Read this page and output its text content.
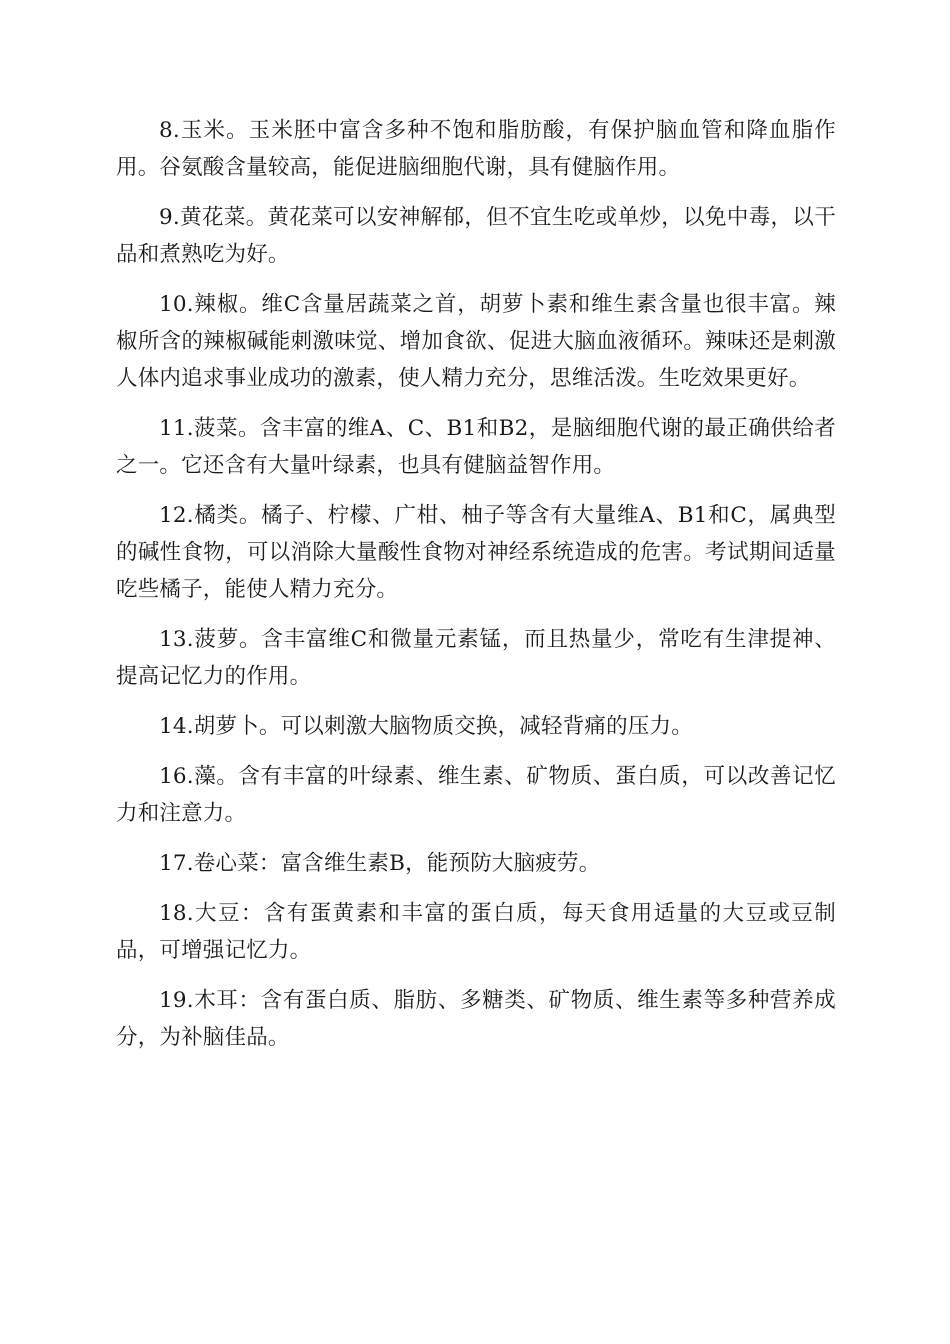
8.玉米。玉米胚中富含多种不饱和脂肪酸，有保护脑血管和降血脂作用。谷氨酸含量较高，能促进脑细胞代谢，具有健脑作用。

9.黄花菜。黄花菜可以安神解郁，但不宜生吃或单炒，以免中毒，以干品和煮熟吃为好。

10.辣椒。维C含量居蔬菜之首，胡萝卜素和维生素含量也很丰富。辣椒所含的辣椒碱能刺激味觉、增加食欲、促进大脑血液循环。辣味还是刺激人体内追求事业成功的激素，使人精力充分，思维活泼。生吃效果更好。

11.菠菜。含丰富的维A、C、B1和B2，是脑细胞代谢的最正确供给者之一。它还含有大量叶绿素，也具有健脑益智作用。

12.橘类。橘子、柠檬、广柑、柚子等含有大量维A、B1和C，属典型的碱性食物，可以消除大量酸性食物对神经系统造成的危害。考试期间适量吃些橘子，能使人精力充分。

13.菠萝。含丰富维C和微量元素锰，而且热量少，常吃有生津提神、提高记忆力的作用。

14.胡萝卜。可以刺激大脑物质交换，减轻背痛的压力。

16.藻。含有丰富的叶绿素、维生素、矿物质、蛋白质，可以改善记忆力和注意力。

17.卷心菜：富含维生素B，能预防大脑疲劳。

18.大豆：含有蛋黄素和丰富的蛋白质，每天食用适量的大豆或豆制品，可增强记忆力。

19.木耳：含有蛋白质、脂肪、多糖类、矿物质、维生素等多种营养成分，为补脑佳品。
